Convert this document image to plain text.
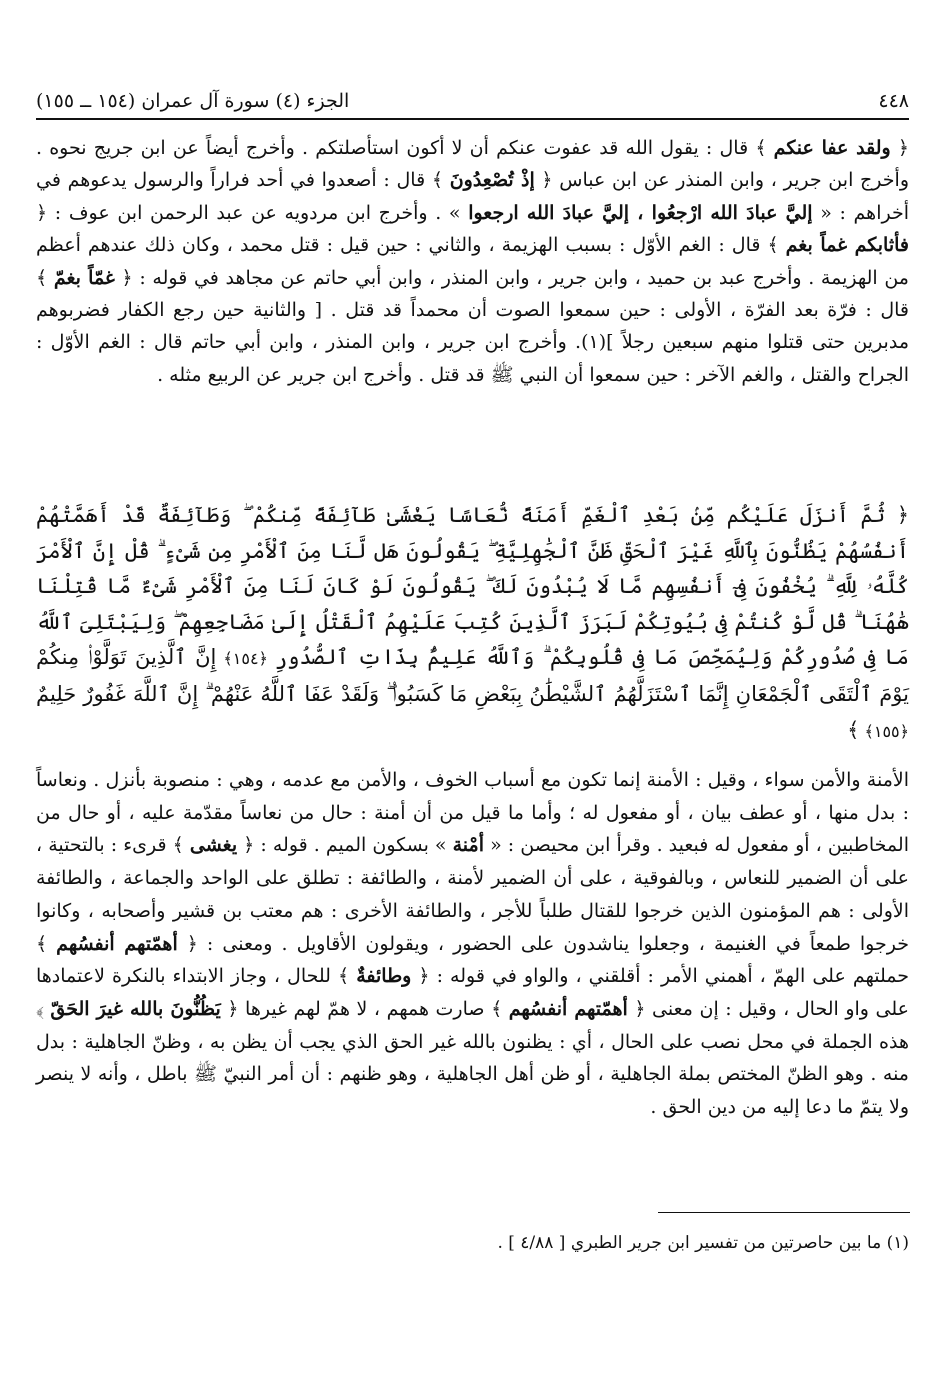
٤٤٨
الجزء (٤) سورة آل عمران (١٥٤ ــ ١٥٥)
﴿ ولقد عفا عنكم ﴾ قال : يقول الله قد عفوت عنكم أن لا أكون استأصلتكم . وأخرج أيضاً عن ابن جريج نحوه . وأخرج ابن جرير ، وابن المنذر عن ابن عباس ﴿ إذْ تُصْعِدُونَ ﴾ قال : أصعدوا في أحد فراراً والرسول يدعوهم في أخراهم : « إليَّ عبادَ الله ارْجعُوا ، إليَّ عبادَ الله ارجعوا » . وأخرج ابن مردويه عن عبد الرحمن ابن عوف : ﴿ فأثابكم غماً بغم ﴾ قال : الغم الأوّل : بسبب الهزيمة ، والثاني : حين قيل : قتل محمد ، وكان ذلك عندهم أعظم من الهزيمة . وأخرج عبد بن حميد ، وابن جرير ، وابن المنذر ، وابن أبي حاتم عن مجاهد في قوله : ﴿ غمّاً بغمّ ﴾ قال : فرّة بعد الفرّة ، الأولى : حين سمعوا الصوت أن محمداً قد قتل . [ والثانية حين رجع الكفار فضربوهم مدبرين حتى قتلوا منهم سبعين رجلاً ](١). وأخرج ابن جرير ، وابن المنذر ، وابن أبي حاتم قال : الغم الأوّل : الجراح والقتل ، والغم الآخر : حين سمعوا أن النبي ﷺ قد قتل . وأخرج ابن جرير عن الربيع مثله .
﴿ ثُمَّ أَنزَلَ عَلَيْكُم مِّنۢ بَعْدِ ٱلْغَمِّ أَمَنَةً نُّعَاسًا يَغْشَىٰ طَآئِفَةً مِّنكُمْ ۖ وَطَآئِفَةٌ قَدْ أَهَمَّتْهُمْ أَنفُسُهُمْ يَظُنُّونَ بِٱللَّهِ غَيْرَ ٱلْحَقِّ ظَنَّ ٱلْجَٰهِلِيَّةِ ۖ يَقُولُونَ هَل لَّنَا مِنَ ٱلْأَمْرِ مِن شَىْءٍ ۗ قُلْ إِنَّ ٱلْأَمْرَ كُلَّهُۥ لِلَّهِ ۗ يُخْفُونَ فِىٓ أَنفُسِهِم مَّا لَا يُبْدُونَ لَكَ ۖ يَقُولُونَ لَوْ كَانَ لَنَا مِنَ ٱلْأَمْرِ شَىْءٌ مَّا قُتِلْنَا هَٰهُنَا ۗ قُل لَّوْ كُنتُمْ فِى بُيُوتِكُمْ لَبَرَزَ ٱلَّذِينَ كُتِبَ عَلَيْهِمُ ٱلْقَتْلُ إِلَىٰ مَضَاجِعِهِمْ ۖ وَلِيَبْتَلِىَ ٱللَّهُ مَا فِى صُدُورِكُمْ وَلِيُمَحِّصَ مَا فِى قُلُوبِكُمْ ۗ وَٱللَّهُ عَلِيمٌۢ بِذَاتِ ٱلصُّدُورِ ﴿١٥٤﴾ إِنَّ ٱلَّذِينَ تَوَلَّوْا۟ مِنكُمْ يَوْمَ ٱلْتَقَى ٱلْجَمْعَانِ إِنَّمَا ٱسْتَزَلَّهُمُ ٱلشَّيْطَٰنُ بِبَعْضِ مَا كَسَبُوا۟ ۖ وَلَقَدْ عَفَا ٱللَّهُ عَنْهُمْ ۗ إِنَّ ٱللَّهَ غَفُورٌ حَلِيمٌ ﴿١٥٥﴾ ﴾
الأمنة والأمن سواء ، وقيل : الأمنة إنما تكون مع أسباب الخوف ، والأمن مع عدمه ، وهي : منصوبة بأنزل . ونعاساً : بدل منها ، أو عطف بيان ، أو مفعول له ؛ وأما ما قيل من أن أمنة : حال من نعاساً مقدّمة عليه ، أو حال من المخاطبين ، أو مفعول له فبعيد . وقرأ ابن محيصن : « أمْنة » بسكون الميم . قوله : ﴿ يغشى ﴾ قرىء : بالتحتية ، على أن الضمير للنعاس ، وبالفوقية ، على أن الضمير لأمنة ، والطائفة : تطلق على الواحد والجماعة ، والطائفة الأولى : هم المؤمنون الذين خرجوا للقتال طلباً للأجر ، والطائفة الأخرى : هم معتب بن قشير وأصحابه ، وكانوا خرجوا طمعاً في الغنيمة ، وجعلوا يناشدون على الحضور ، ويقولون الأقاويل . ومعنى : ﴿ أهمّتهم أنفسُهم ﴾ حملتهم على الهمّ ، أهمني الأمر : أقلقني ، والواو في قوله : ﴿ وطائفةٌ ﴾ للحال ، وجاز الابتداء بالنكرة لاعتمادها على واو الحال ، وقيل : إن معنى ﴿ أهمّتهم أنفسُهم ﴾ صارت همهم ، لا همّ لهم غيرها ﴿ يَظُنُّونَ بالله غيرَ الحَقّ ﴾ هذه الجملة في محل نصب على الحال ، أي : يظنون بالله غير الحق الذي يجب أن يظن به ، وظنّ الجاهلية : بدل منه . وهو الظنّ المختص بملة الجاهلية ، أو ظن أهل الجاهلية ، وهو ظنهم : أن أمر النبيّ ﷺ باطل ، وأنه لا ينصر ولا يتمّ ما دعا إليه من دين الحق .
(١) ما بين حاصرتين من تفسير ابن جرير الطبري [ ٤/٨٨ ] .
